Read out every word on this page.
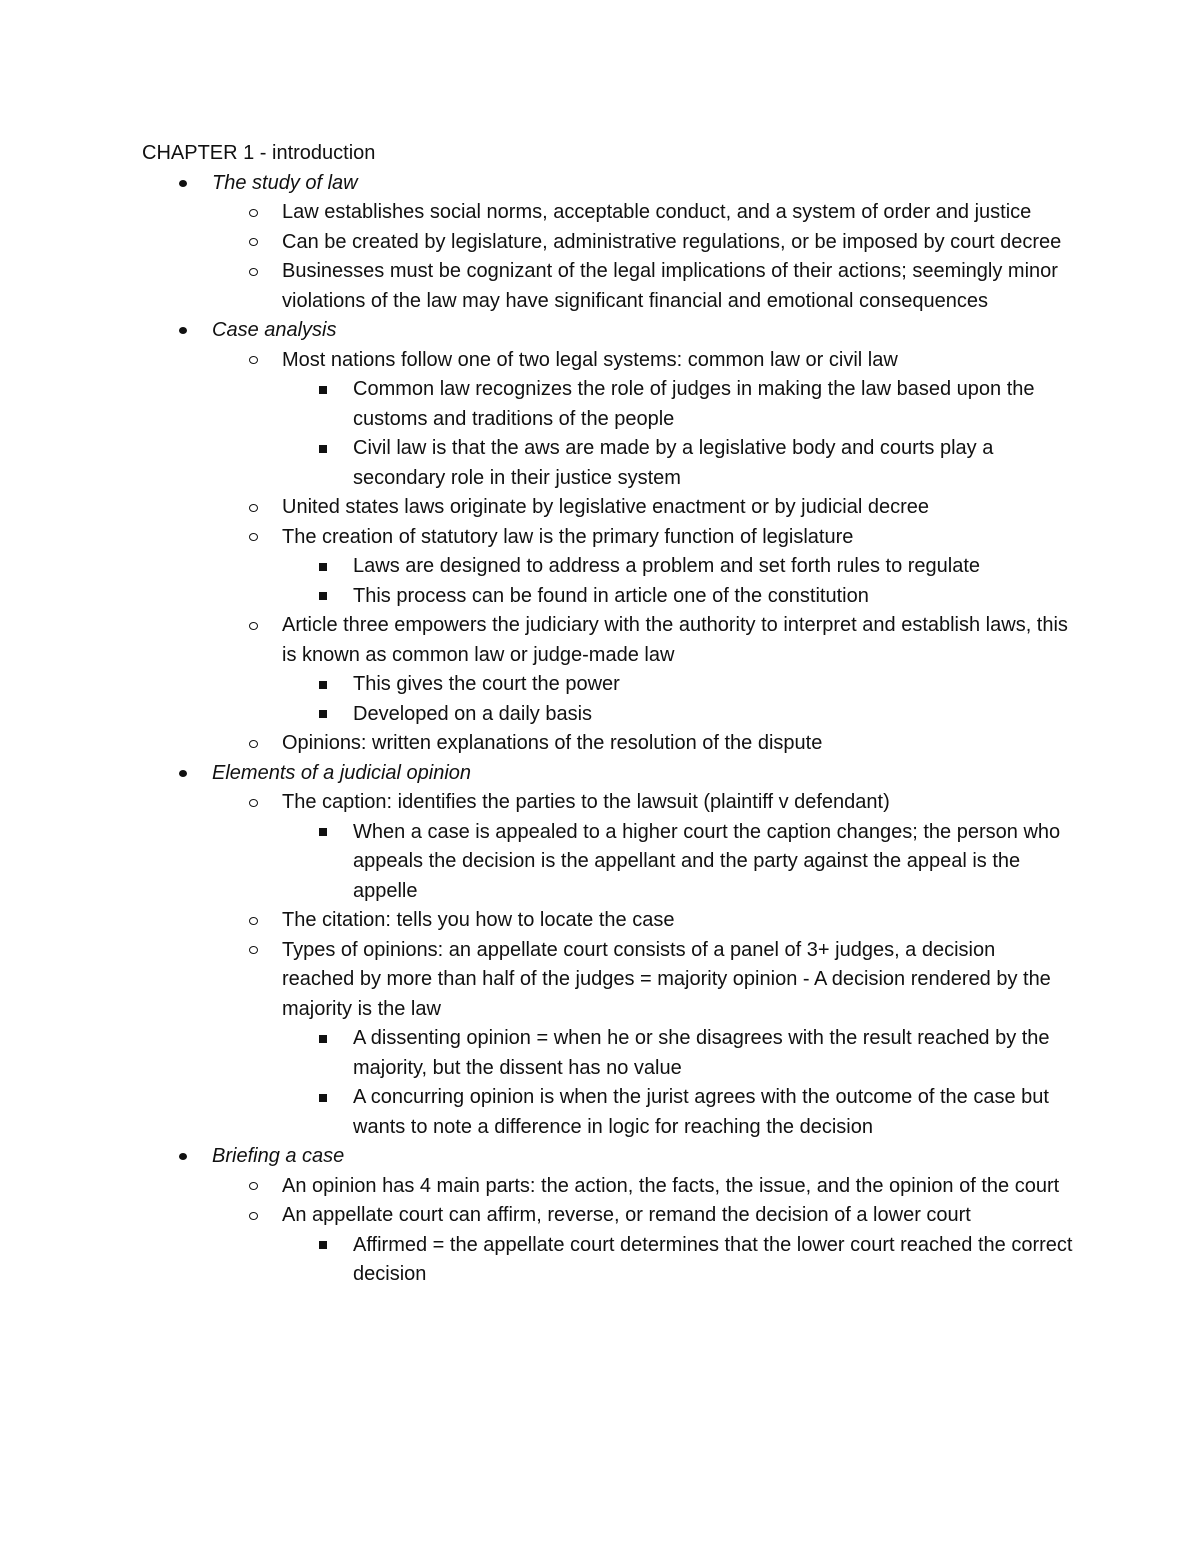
CHAPTER 1 - introduction
The study of law
Law establishes social norms, acceptable conduct, and a system of order and justice
Can be created by legislature, administrative regulations, or be imposed by court decree
Businesses must be cognizant of the legal implications of their actions; seemingly minor violations of the law may have significant financial and emotional consequences
Case analysis
Most nations follow one of two legal systems: common law or civil law
Common law recognizes the role of judges in making the law based upon the customs and traditions of the people
Civil law is that the aws are made by a legislative body and courts play a secondary role in their justice system
United states laws originate by legislative enactment or by judicial decree
The creation of statutory law is the primary function of legislature
Laws are designed to address a problem and set forth rules to regulate
This process can be found in article one of the constitution
Article three empowers the judiciary with the authority to interpret and establish laws, this is known as common law or judge-made law
This gives the court the power
Developed on a daily basis
Opinions: written explanations of the resolution of the dispute
Elements of a judicial opinion
The caption: identifies the parties to the lawsuit (plaintiff v defendant)
When a case is appealed to a higher court the caption changes; the person who appeals the decision is the appellant and the party against the appeal is the appelle
The citation: tells you how to locate the case
Types of opinions: an appellate court consists of a panel of 3+ judges, a decision reached by more than half of the judges = majority opinion - A decision rendered by the majority is the law
A dissenting opinion = when he or she disagrees with the result reached by the majority, but the dissent has no value
A concurring opinion is when the jurist agrees with the outcome of the case but wants to note a difference in logic for reaching the decision
Briefing a case
An opinion has 4 main parts: the action, the facts, the issue, and the opinion of the court
An appellate court can affirm, reverse, or remand the decision of a lower court
Affirmed = the appellate court determines that the lower court reached the correct decision
